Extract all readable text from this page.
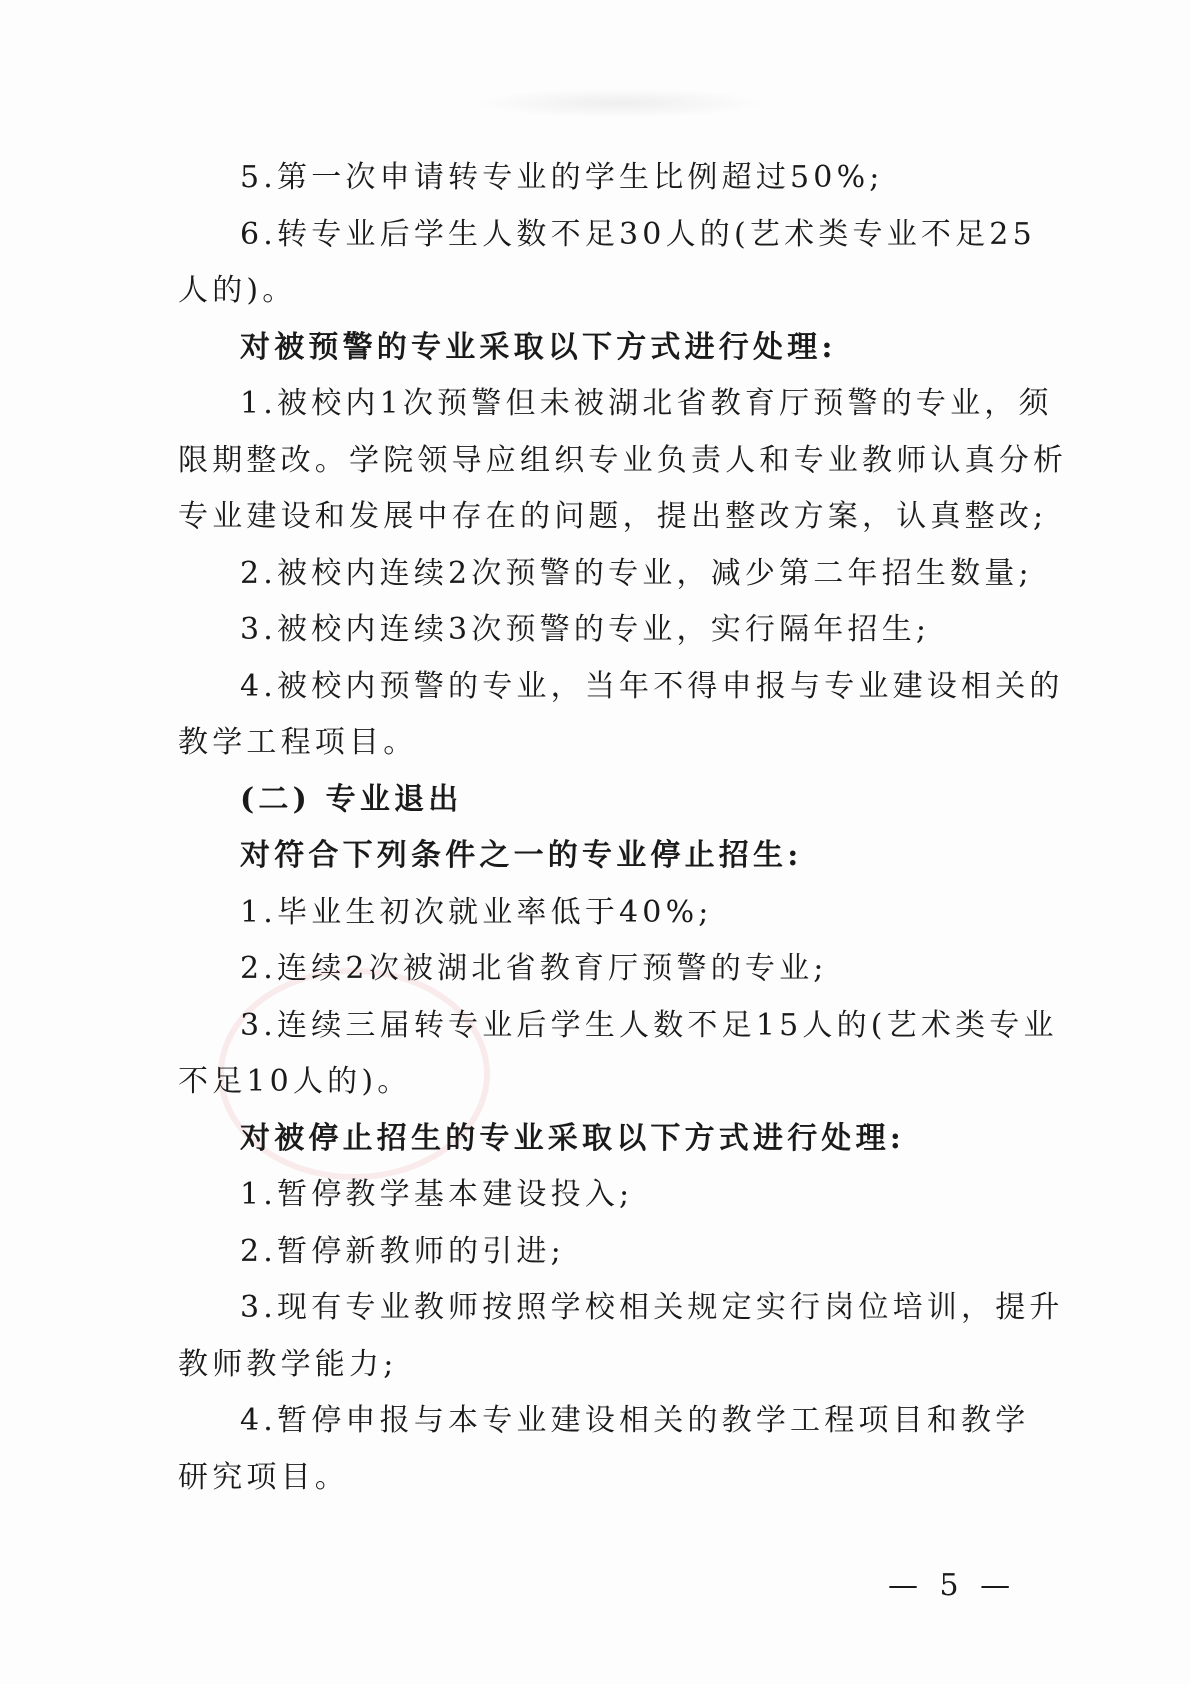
5.第一次申请转专业的学生比例超过50%;
6.转专业后学生人数不足30人的(艺术类专业不足25
人的)。
对被预警的专业采取以下方式进行处理:
1.被校内1次预警但未被湖北省教育厅预警的专业，须
限期整改。学院领导应组织专业负责人和专业教师认真分析
专业建设和发展中存在的问题，提出整改方案，认真整改;
2.被校内连续2次预警的专业，减少第二年招生数量;
3.被校内连续3次预警的专业，实行隔年招生;
4.被校内预警的专业，当年不得申报与专业建设相关的
教学工程项目。
(二) 专业退出
对符合下列条件之一的专业停止招生:
1.毕业生初次就业率低于40%;
2.连续2次被湖北省教育厅预警的专业;
3.连续三届转专业后学生人数不足15人的(艺术类专业
不足10人的)。
对被停止招生的专业采取以下方式进行处理:
1.暂停教学基本建设投入;
2.暂停新教师的引进;
3.现有专业教师按照学校相关规定实行岗位培训，提升
教师教学能力;
4.暂停申报与本专业建设相关的教学工程项目和教学
研究项目。
— 5 —
